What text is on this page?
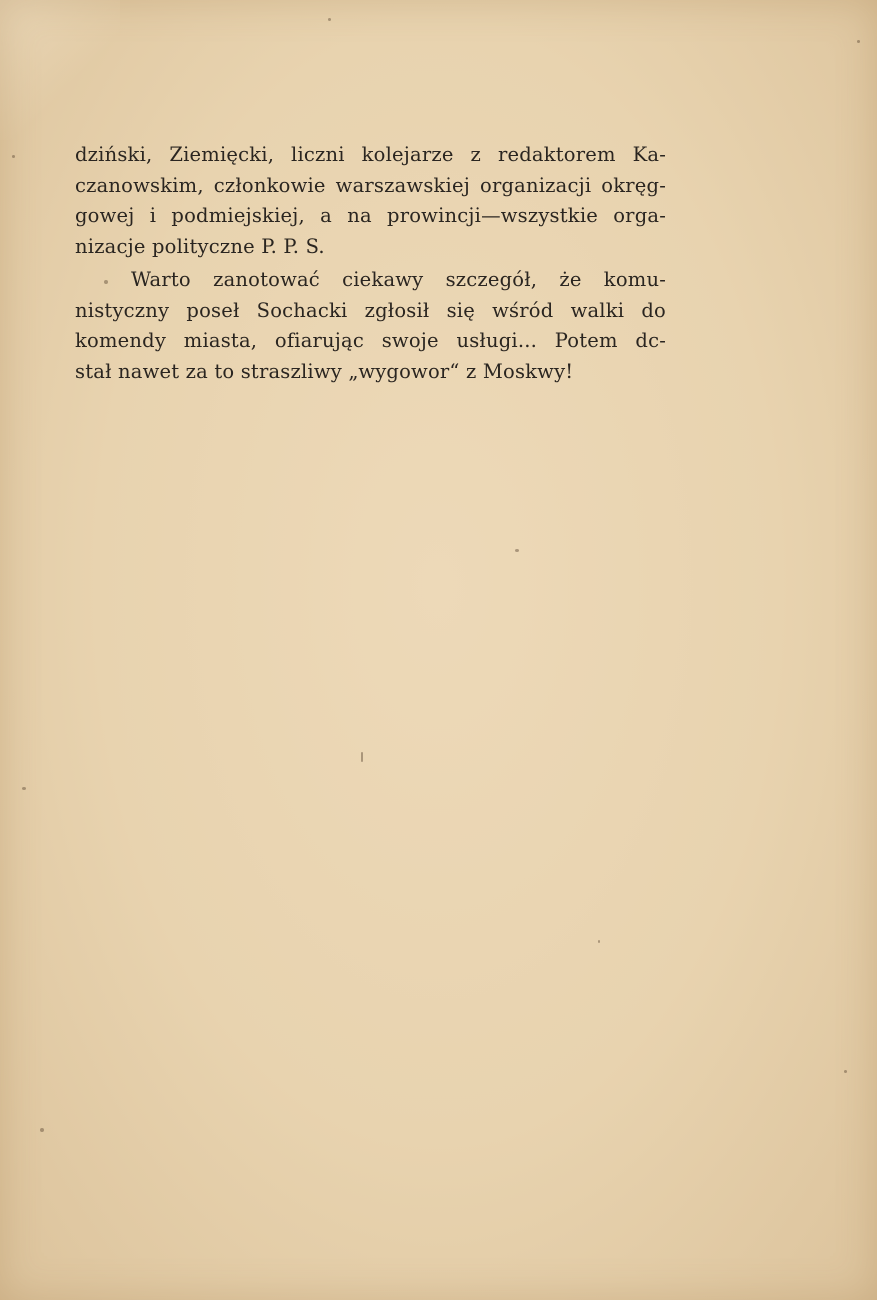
dziński, Ziemięcki, liczni kolejarze z redaktorem Ka-
czanowskim, członkowie warszawskiej organizacji okręg-
gowej i podmiejskiej, a na prowincji—wszystkie orga-
nizacje polityczne P. P. S.

Warto zanotować ciekawy szczegół, że komu-
nistyczny poseł Sochacki zgłosił się wśród walki do
komendy miasta, ofiarując swoje usługi... Potem dc-
stał nawet za to straszliwy „wygowor“ z Moskwy!
